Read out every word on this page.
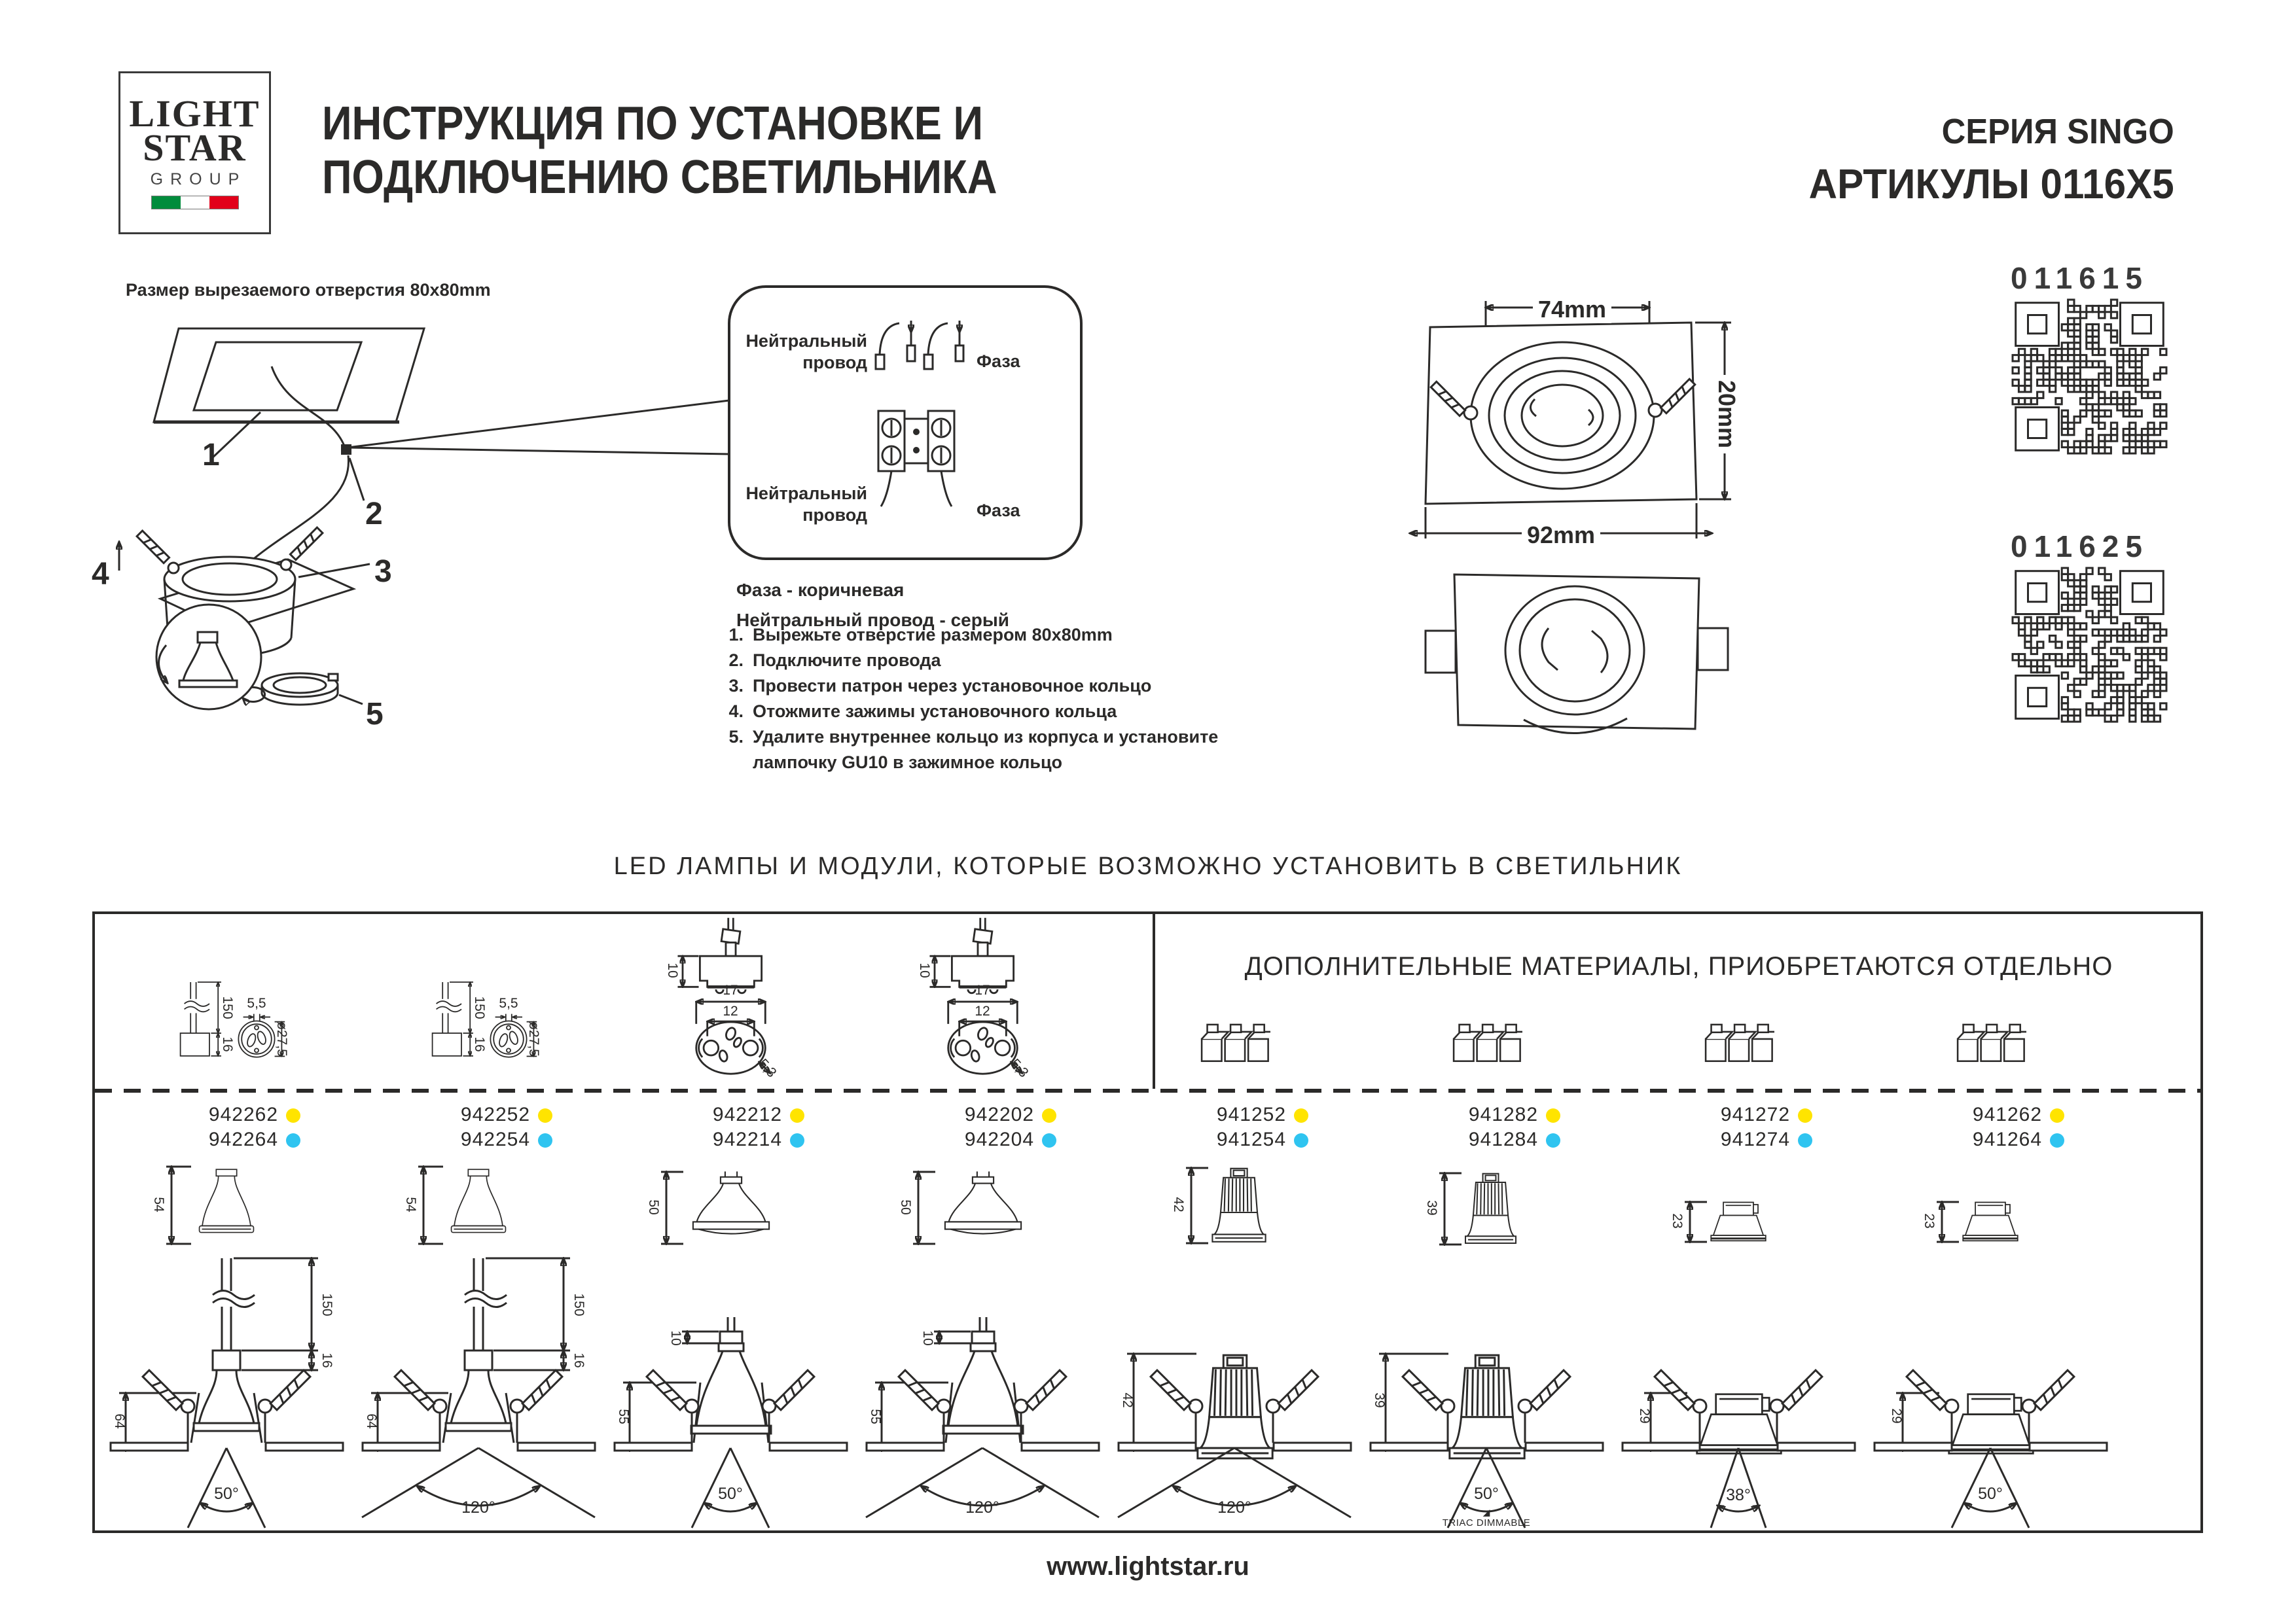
LIGHT
STAR
GROUP
ИНСТРУКЦИЯ ПО УСТАНОВКЕ И
ПОДКЛЮЧЕНИЮ СВЕТИЛЬНИКА
СЕРИЯ SINGO
АРТИКУЛЫ 0116Х5
Размер вырезаемого отверстия 80x80mm
1
2
3
4
5
Нейтральный провод	Фаза
Нейтральный провод	Фаза
Фаза - коричневая
Нейтральный провод - серый
1. Вырежьте отверстие размером 80x80mm
2. Подключите провода
3. Провести патрон через установочное кольцо
4. Отожмите зажимы установочного кольца
5. Удалите внутреннее кольцо из корпуса и установите
лампочку GU10 в зажимное кольцо
74mm
20mm
92mm
011615
011625
LED ЛАМПЫ И МОДУЛИ, КОТОРЫЕ ВОЗМОЖНО УСТАНОВИТЬ В СВЕТИЛЬНИК
ДОПОЛНИТЕЛЬНЫЕ МАТЕРИАЛЫ, ПРИОБРЕТАЮТСЯ ОТДЕЛЬНО
150
16
5,5
ø27,5
942262
942264
54
150
16
64
50°
150
16
5,5
ø27,5
942252
942254
54
150
16
64
120°
10
17
12
5,3
942212
942214
50
10
55
50°
10
17
12
5,3
942202
942204
50
10
55
120°
941252
941254
42
42
120°
941282
941284
39
39
50°
◢
TRIAC DIMMABLE
941272
941274
23
29
38°
941262
941264
23
29
50°
www.lightstar.ru
